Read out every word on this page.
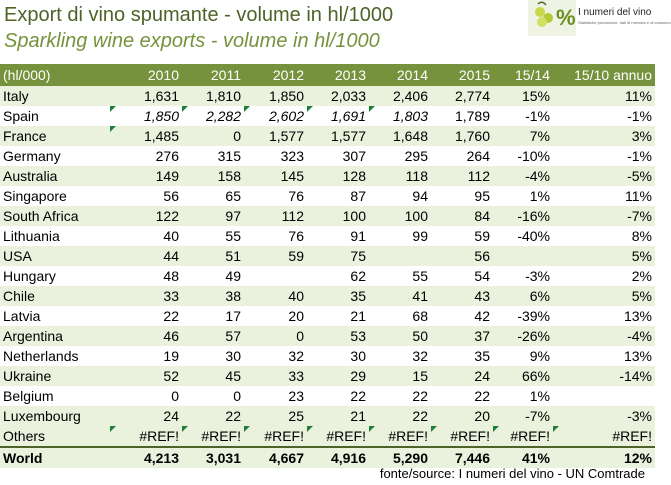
Export di vino spumante - volume in hl/1000
Sparkling wine exports - volume in hl/1000
% I numeri del vino
Statistiche produzione, dati di mercato e di consumo
(hl/000)	2010	2011	2012	2013	2014	2015	15/14	15/10 annuo
Italy	1,631	1,810	1,850	2,033	2,406	2,774	15%	11%
Spain	1,850	2,282	2,602	1,691	1,803	1,789	-1%	-1%
France	1,485	0	1,577	1,577	1,648	1,760	7%	3%
Germany	276	315	323	307	295	264	-10%	-1%
Australia	149	158	145	128	118	112	-4%	-5%
Singapore	56	65	76	87	94	95	1%	11%
South Africa	122	97	112	100	100	84	-16%	-7%
Lithuania	40	55	76	91	99	59	-40%	8%
USA	44	51	59	75		56		5%
Hungary	48	49		62	55	54	-3%	2%
Chile	33	38	40	35	41	43	6%	5%
Latvia	22	17	20	21	68	42	-39%	13%
Argentina	46	57	0	53	50	37	-26%	-4%
Netherlands	19	30	32	30	32	35	9%	13%
Ukraine	52	45	33	29	15	24	66%	-14%
Belgium	0	0	23	22	22	22	1%	
Luxembourg	24	22	25	21	22	20	-7%	-3%
Others	#REF!	#REF!	#REF!	#REF!	#REF!	#REF!	#REF!	#REF!
World	4,213	3,031	4,667	4,916	5,290	7,446	41%	12%
fonte/source: I numeri del vino - UN Comtrade
